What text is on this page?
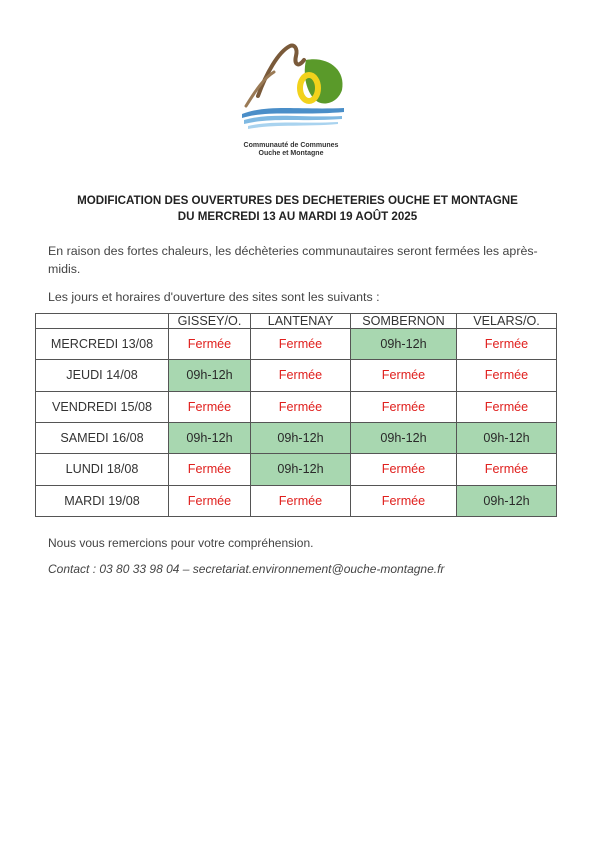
Communauté de Communes
Ouche et Montagne
MODIFICATION DES OUVERTURES DES DECHETERIES OUCHE ET MONTAGNE
DU MERCREDI 13 AU MARDI 19 AOÛT 2025
En raison des fortes chaleurs, les déchèteries communautaires seront fermées les après-midis.
Les jours et horaires d'ouverture des sites sont les suivants :
	GISSEY/O.	LANTENAY	SOMBERNON	VELARS/O.
MERCREDI 13/08	Fermée	Fermée	09h-12h	Fermée
JEUDI 14/08	09h-12h	Fermée	Fermée	Fermée
VENDREDI 15/08	Fermée	Fermée	Fermée	Fermée
SAMEDI 16/08	09h-12h	09h-12h	09h-12h	09h-12h
LUNDI 18/08	Fermée	09h-12h	Fermée	Fermée
MARDI 19/08	Fermée	Fermée	Fermée	09h-12h
Nous vous remercions pour votre compréhension.
Contact : 03 80 33 98 04 – secretariat.environnement@ouche-montagne.fr
